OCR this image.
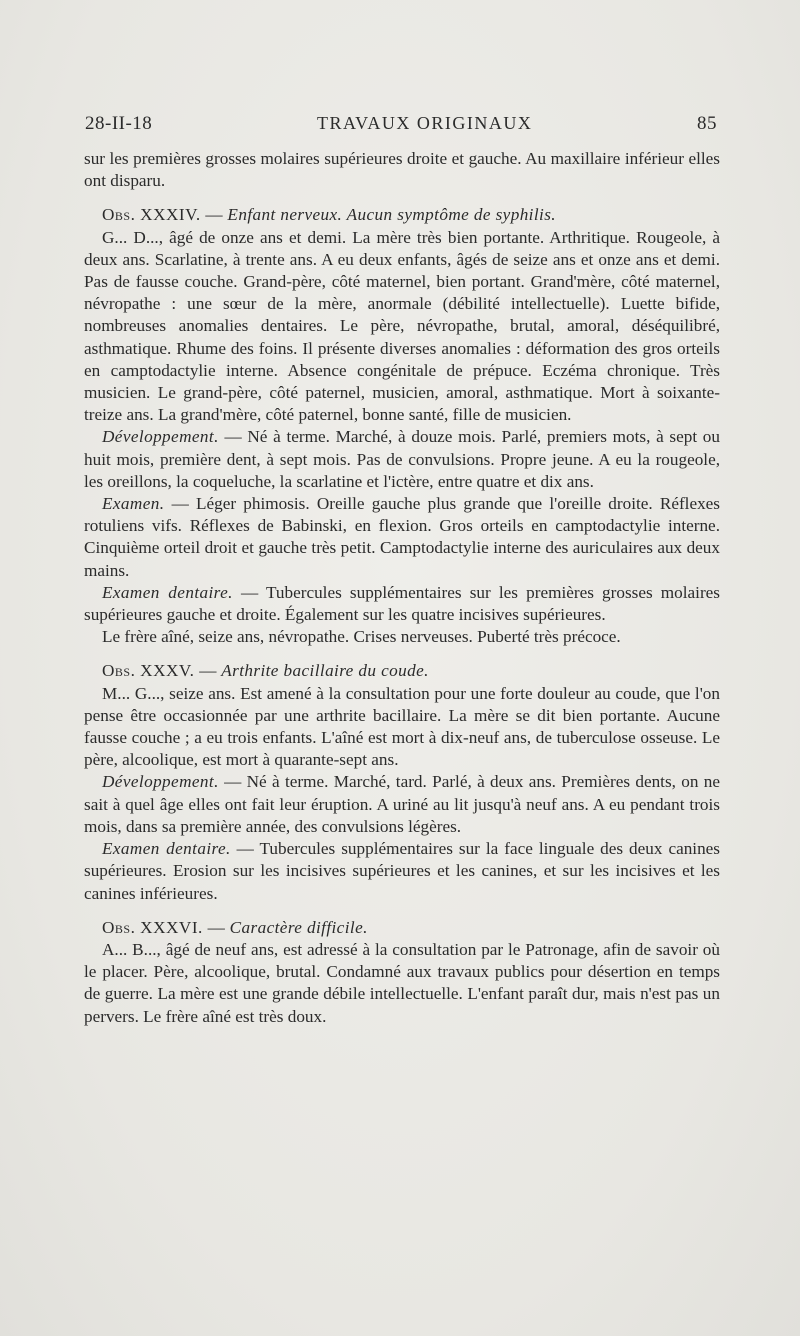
28-II-18	TRAVAUX ORIGINAUX	85

sur les premières grosses molaires supérieures droite et gauche. Au maxillaire inférieur elles ont disparu.

Obs. XXXIV. — Enfant nerveux. Aucun symptôme de syphilis.

G... D..., âgé de onze ans et demi. La mère très bien portante. Arthritique. Rougeole, à deux ans. Scarlatine, à trente ans. A eu deux enfants, âgés de seize ans et onze ans et demi. Pas de fausse couche. Grand-père, côté maternel, bien portant. Grand'mère, côté maternel, névropathe : une sœur de la mère, anormale (débilité intellectuelle). Luette bifide, nombreuses anomalies dentaires. Le père, névropathe, brutal, amoral, déséquilibré, asthmatique. Rhume des foins. Il présente diverses anomalies : déformation des gros orteils en camptodactylie interne. Absence congénitale de prépuce. Eczéma chronique. Très musicien. Le grand-père, côté paternel, musicien, amoral, asthmatique. Mort à soixante-treize ans. La grand'mère, côté paternel, bonne santé, fille de musicien.

Développement. — Né à terme. Marché, à douze mois. Parlé, premiers mots, à sept ou huit mois, première dent, à sept mois. Pas de convulsions. Propre jeune. A eu la rougeole, les oreillons, la coqueluche, la scarlatine et l'ictère, entre quatre et dix ans.

Examen. — Léger phimosis. Oreille gauche plus grande que l'oreille droite. Réflexes rotuliens vifs. Réflexes de Babinski, en flexion. Gros orteils en camptodactylie interne. Cinquième orteil droit et gauche très petit. Camptodactylie interne des auriculaires aux deux mains.

Examen dentaire. — Tubercules supplémentaires sur les premières grosses molaires supérieures gauche et droite. Également sur les quatre incisives supérieures.

Le frère aîné, seize ans, névropathe. Crises nerveuses. Puberté très précoce.

Obs. XXXV. — Arthrite bacillaire du coude.

M... G..., seize ans. Est amené à la consultation pour une forte douleur au coude, que l'on pense être occasionnée par une arthrite bacillaire. La mère se dit bien portante. Aucune fausse couche ; a eu trois enfants. L'aîné est mort à dix-neuf ans, de tuberculose osseuse. Le père, alcoolique, est mort à quarante-sept ans.

Développement. — Né à terme. Marché, tard. Parlé, à deux ans. Premières dents, on ne sait à quel âge elles ont fait leur éruption. A uriné au lit jusqu'à neuf ans. A eu pendant trois mois, dans sa première année, des convulsions légères.

Examen dentaire. — Tubercules supplémentaires sur la face linguale des deux canines supérieures. Erosion sur les incisives supérieures et les canines, et sur les incisives et les canines inférieures.

Obs. XXXVI. — Caractère difficile.

A... B..., âgé de neuf ans, est adressé à la consultation par le Patronage, afin de savoir où le placer. Père, alcoolique, brutal. Condamné aux travaux publics pour désertion en temps de guerre. La mère est une grande débile intellectuelle. L'enfant paraît dur, mais n'est pas un pervers. Le frère aîné est très doux.
